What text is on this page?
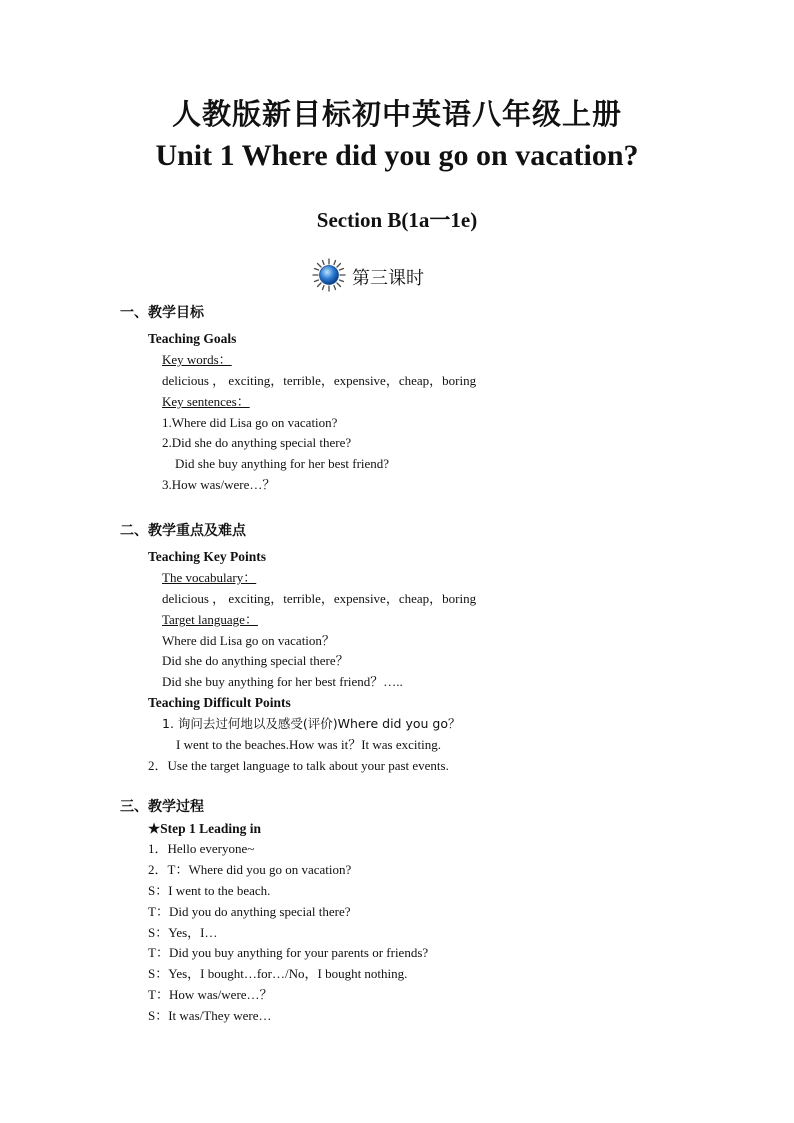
人教版新目标初中英语八年级上册
Unit 1 Where did you go on vacation?
Section B(1a一1e)
第三课时
一、教学目标
Teaching Goals
Key words：
delicious ， exciting，terrible，expensive，cheap，boring
Key sentences：
1.Where did Lisa go on vacation?
2.Did she do anything special there?
Did she buy anything for her best friend?
3.How was/were…？
二、教学重点及难点
Teaching Key Points
The vocabulary：
delicious ， exciting，terrible，expensive，cheap，boring
Target language：
Where did Lisa go on vacation？
Did she do anything special there？
Did she buy anything for her best friend？…..
Teaching Difficult Points
1. 询问去过何地以及感受(评价)Where did you go？
I went to the beaches.How was it？It was exciting.
2．Use the target language to talk about your past events.
三、教学过程
★Step 1 Leading in
1．Hello everyone~
2．T：Where did you go on vacation?
S：I went to the beach.
T：Did you do anything special there?
S：Yes，I…
T：Did you buy anything for your parents or friends?
S：Yes，I bought…for…/No，I bought nothing.
T：How was/were…？
S：It was/They were…
